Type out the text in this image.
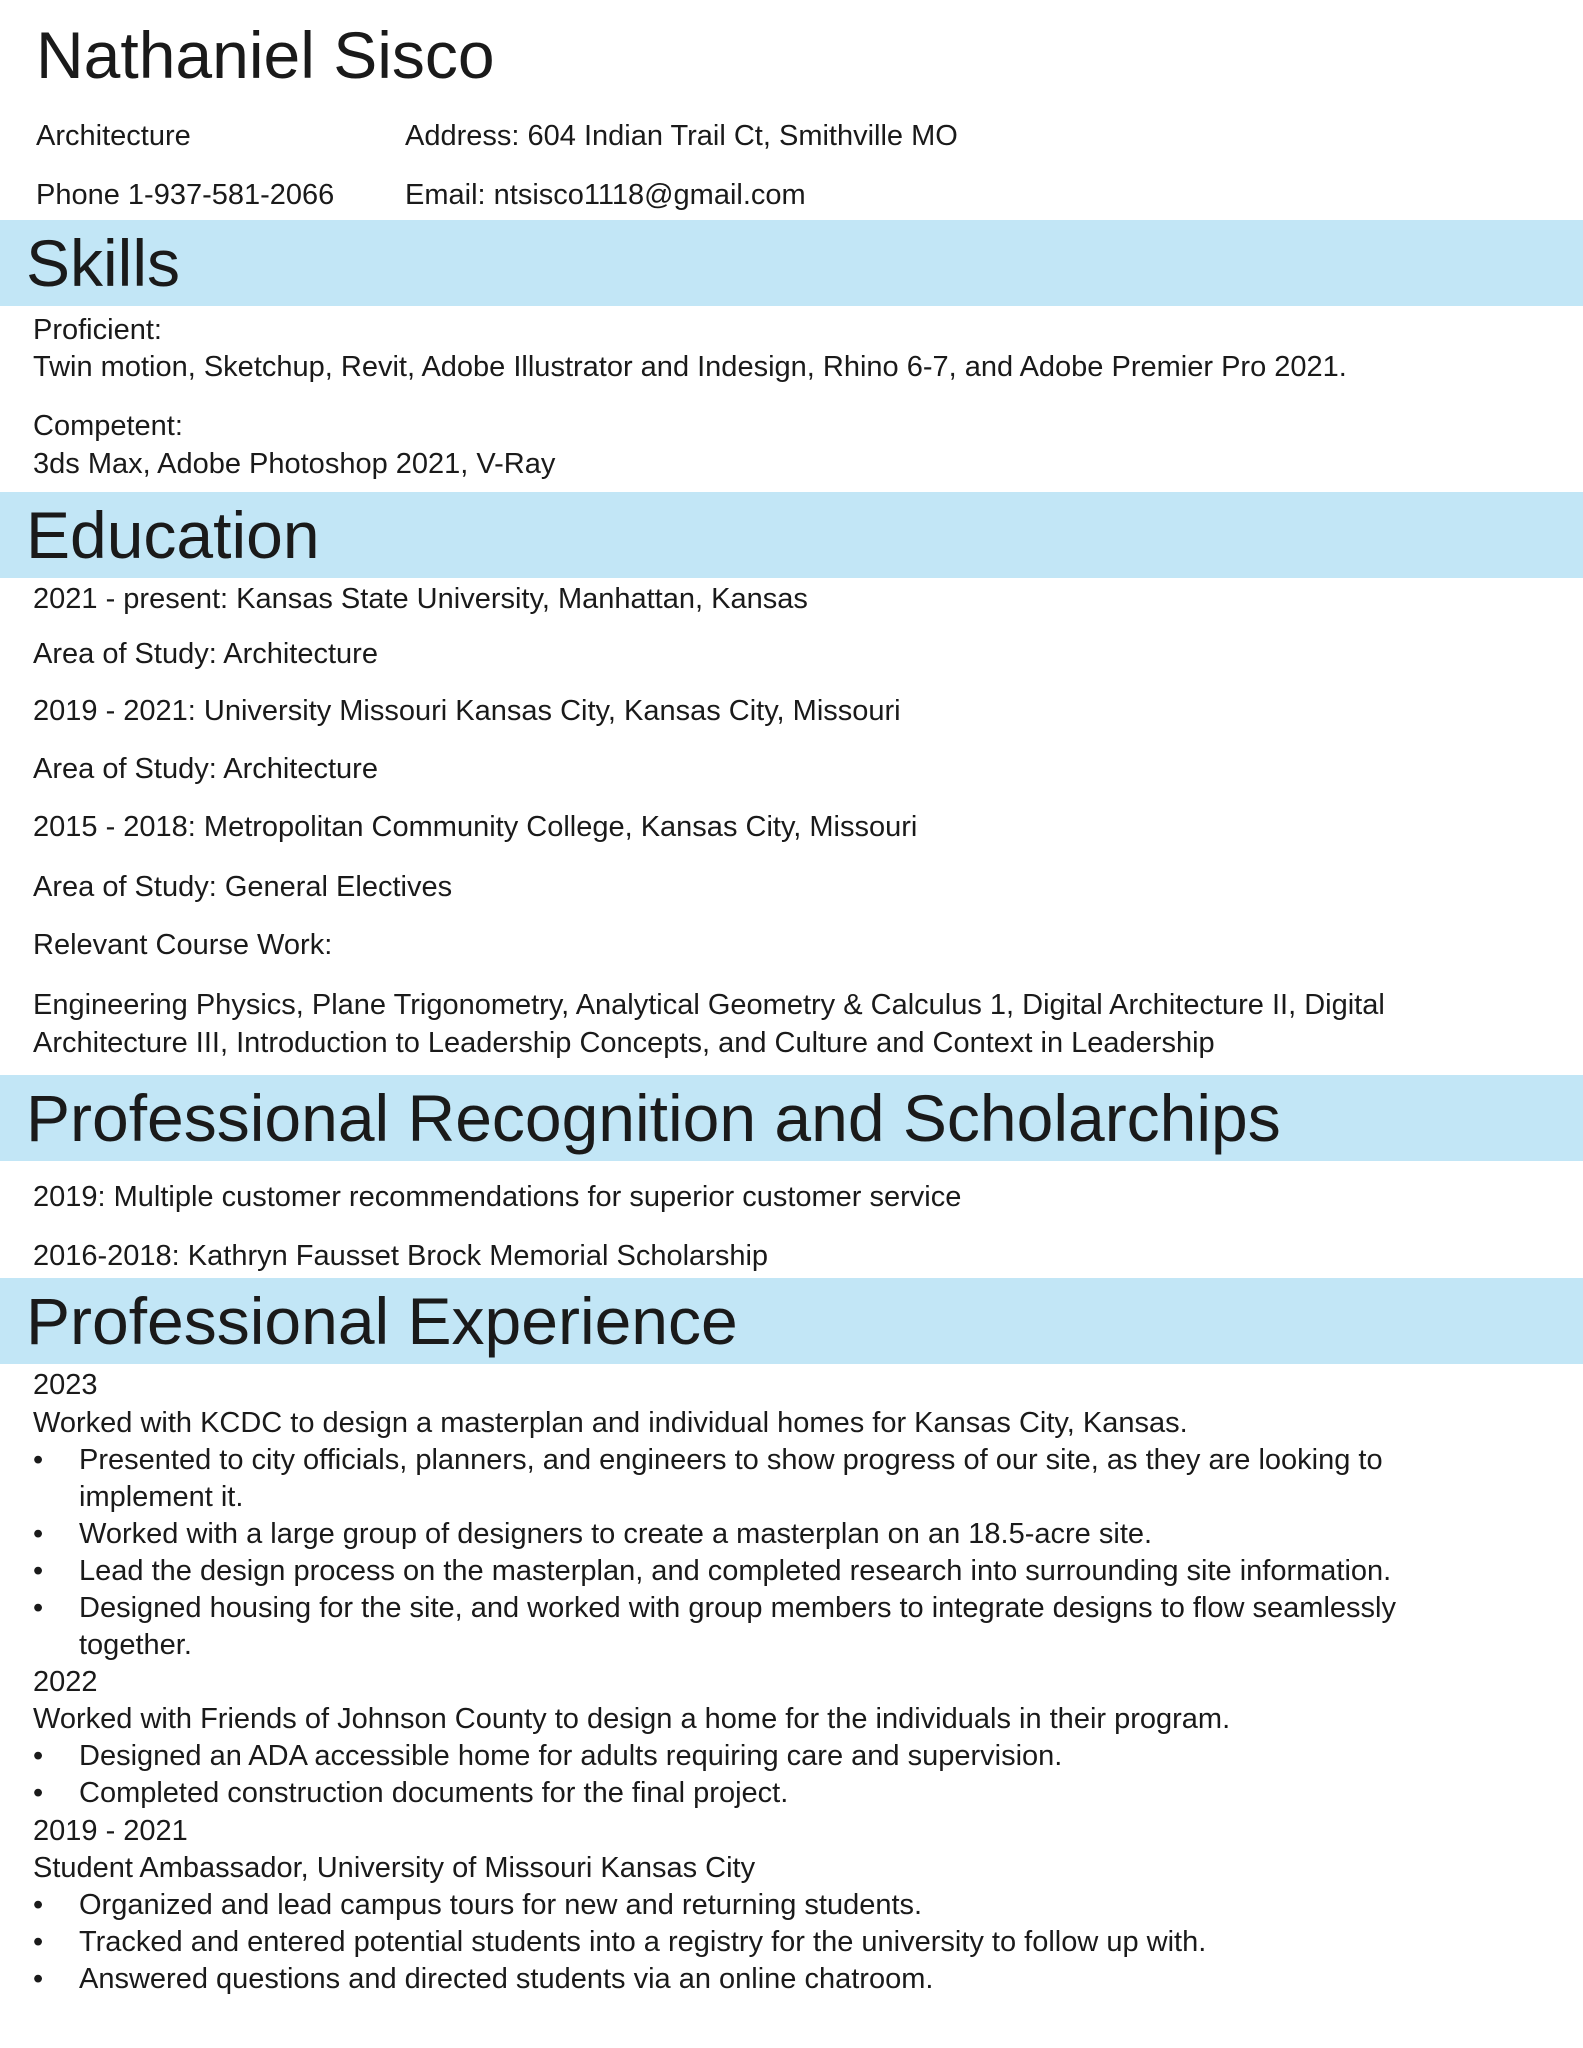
Nathaniel Sisco
Architecture	Address: 604 Indian Trail Ct, Smithville MO
Phone 1-937-581-2066 Email: ntsisco1118@gmail.com
Skills
Proficient:
Twin motion, Sketchup, Revit, Adobe Illustrator and Indesign, Rhino 6-7, and Adobe Premier Pro 2021.
Competent:
3ds Max, Adobe Photoshop 2021, V-Ray
Education
2021 - present: Kansas State University, Manhattan, Kansas
Area of Study: Architecture
2019 - 2021: University Missouri Kansas City, Kansas City, Missouri
Area of Study: Architecture
2015 - 2018: Metropolitan Community College, Kansas City, Missouri
Area of Study: General Electives
Relevant Course Work:
Engineering Physics, Plane Trigonometry, Analytical Geometry & Calculus 1, Digital Architecture II, Digital
Architecture III, Introduction to Leadership Concepts, and Culture and Context in Leadership
Professional Recognition and Scholarchips
2019: Multiple customer recommendations for superior customer service
2016-2018: Kathryn Fausset Brock Memorial Scholarship
Professional Experience
2023
Worked with KCDC to design a masterplan and individual homes for Kansas City, Kansas.
• Presented to city officials, planners, and engineers to show progress of our site, as they are looking to
implement it.
• Worked with a large group of designers to create a masterplan on an 18.5-acre site.
• Lead the design process on the masterplan, and completed research into surrounding site information.
• Designed housing for the site, and worked with group members to integrate designs to flow seamlessly
together.
2022
Worked with Friends of Johnson County to design a home for the individuals in their program.
• Designed an ADA accessible home for adults requiring care and supervision.
• Completed construction documents for the final project.
2019 - 2021
Student Ambassador, University of Missouri Kansas City
• Organized and lead campus tours for new and returning students.
• Tracked and entered potential students into a registry for the university to follow up with.
• Answered questions and directed students via an online chatroom.
